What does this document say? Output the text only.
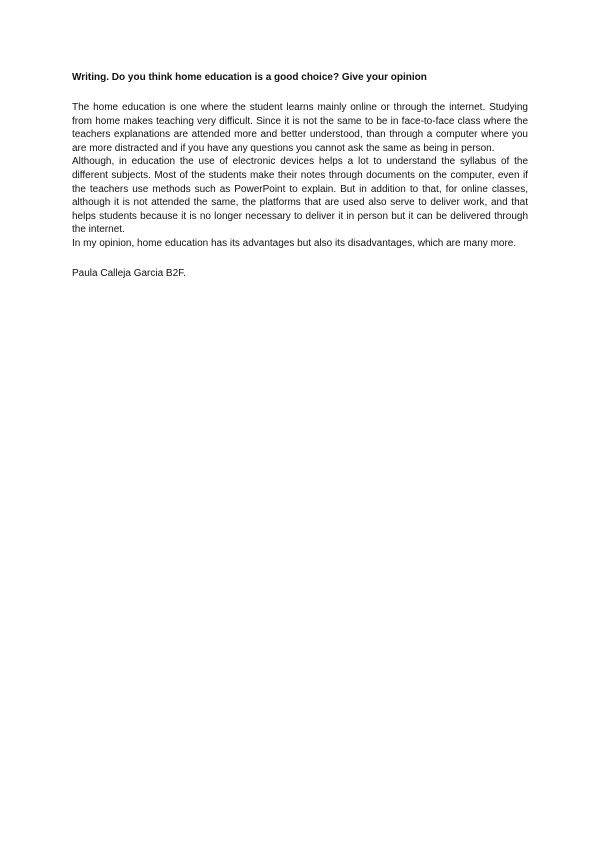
Writing. Do you think home education is a good choice? Give your opinion

The home education is one where the student learns mainly online or through the internet. Studying from home makes teaching very difficult. Since it is not the same to be in face-to-face class where the teachers explanations are attended more and better understood, than through a computer where you are more distracted and if you have any questions you cannot ask the same as being in person.

Although, in education the use of electronic devices helps a lot to understand the syllabus of the different subjects. Most of the students make their notes through documents on the computer, even if the teachers use methods such as PowerPoint to explain. But in addition to that, for online classes, although it is not attended the same, the platforms that are used also serve to deliver work, and that helps students because it is no longer necessary to deliver it in person but it can be delivered through the internet.

In my opinion, home education has its advantages but also its disadvantages, which are many more.

Paula Calleja Garcia B2F.
